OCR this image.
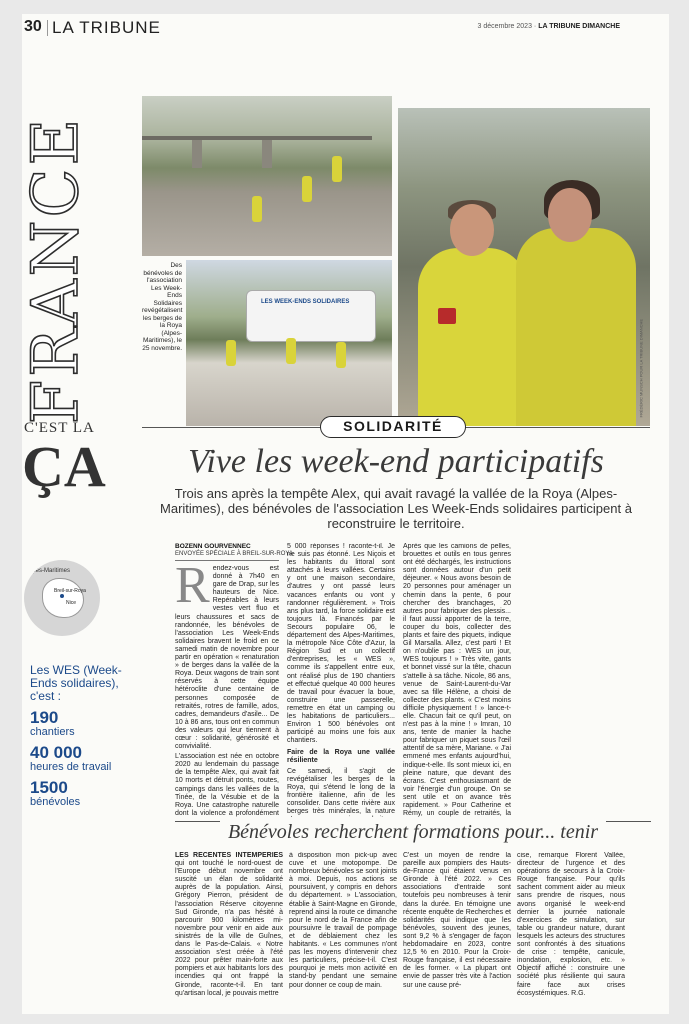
30 LA TRIBUNE	3 décembre 2023 · LA TRIBUNE DIMANCHE
FRANCE
C'EST LA
ÇA
Alpes-Maritimes
Breil-sur-Roya
Nice
Les WES (Week-Ends solidaires), c'est :
190
chantiers
40 000
heures de travail
1500
bénévoles
LES WEEK-ENDS SOLIDAIRES
FRÉDÉRIC MUNSCH POUR LA TRIBUNE DIMANCHE
Des bénévoles de l'association Les Week-Ends Solidaires revégétalisent les berges de la Roya (Alpes-Maritimes), le 25 novembre.
SOLIDARITÉ
Vive les week-end participatifs
Trois ans après la tempête Alex, qui avait ravagé la vallée de la Roya (Alpes-Maritimes), des bénévoles de l'association Les Week-Ends solidaires participent à reconstruire le territoire.
BOZENN GOURVENNEC
ENVOYÉE SPÉCIALE À BREIL-SUR-ROYA

Rendez-vous est donné à 7h40 en gare de Drap, sur les hauteurs de Nice. Repérables à leurs vestes vert fluo et leurs chaussures et sacs de randonnée, les bénévoles de l'association Les Week-Ends solidaires bravent le froid en ce samedi matin de novembre pour partir en opération « renaturation » de berges dans la vallée de la Roya. Deux wagons de train sont réservés à cette équipe hétéroclite d'une centaine de personnes composée de retraités, rotres de famille, ados, cadres, demandeurs d'asile... De 10 à 86 ans, tous ont en commun des valeurs qui leur tiennent à cœur : solidarité, générosité et convivialité.

L'association est née en octobre 2020 au lendemain du passage de la tempête Alex, qui avait fait 10 morts et détruit ponts, routes, campings dans les vallées de la Tinée, de la Vésubie et de la Roya. Une catastrophe naturelle dont la violence a profondément

5 000 réponses ! raconte-t-il. Je ne suis pas étonné. Les Niçois et les habitants du littoral sont attachés à leurs vallées. Certains y ont une maison secondaire, d'autres y ont passé leurs vacances enfants ou vont y randonner régulièrement. » Trois ans plus tard, la force solidaire est toujours là. Financés par le Secours populaire 06, le département des Alpes-Maritimes, la métropole Nice Côte d'Azur, la Région Sud et un collectif d'entreprises, les « WES », comme ils s'appellent entre eux, ont réalisé plus de 190 chantiers et effectué quelque 40 000 heures de travail pour évacuer la boue, construire une passerelle, remettre en état un camping ou les habitations de particuliers... Environ 1 500 bénévoles ont participé au moins une fois aux chantiers.

Faire de la Roya une vallée résiliente

Ce samedi, il s'agit de revégétaliser les berges de la Roya, qui s'étend le long de la frontière italienne, afin de les consolider. Dans cette rivière aux berges très minérales, la nature

Après que les camions de pelles, brouettes et outils en tous genres ont été déchargés, les instructions sont données autour d'un petit déjeuner. « Nous avons besoin de 20 personnes pour aménager un chemin dans la pente, 6 pour chercher des branchages, 20 autres pour fabriquer des plessis... il faut aussi apporter de la terre, couper du bois, collecter des plants et faire des piquets, indique Gil Marsalla. Allez, c'est parti ! Et on n'oublie pas : WES un jour, WES toujours ! » Très vite, gants et bonnet vissé sur la tête, chacun s'attelle à sa tâche. Nicole, 86 ans, venue de Saint-Laurent-du-Var avec sa fille Hélène, a choisi de collecter des plants. « C'est moins difficile physiquement ! » lance-t-elle. Chacun fait ce qu'il peut, on n'est pas à la mine ! » Imran, 10 ans, tente de manier la hache pour fabriquer un piquet sous l'œil attentif de sa mère, Mariane. « J'ai emmené mes enfants aujourd'hui, indique-t-elle. Ils sont mieux ici, en pleine nature, que devant des écrans. C'est enthousiasmant de voir l'énergie d'un groupe. On se sent utile et on avance très rapidement. » Pour Catherine et Rémy, un couple de retraités, la

Bénévoles recherchent formations pour... tenir

LES RÉCENTES INTEMPÉRIES qui ont touché le nord-ouest de l'Europe début novembre ont suscité un élan de solidarité auprès de la population. Ainsi, Grégory Pierron, président de l'association Réserve citoyenne Sud Gironde, n'a pas hésité à parcourir 900 kilomètres mi-novembre pour venir en aide aux sinistrés de la ville de Guînes, dans le Pas-de-Calais. « Notre association s'est créée à l'été 2022 pour prêter main-forte aux pompiers et aux habitants lors des incendies qui ont frappé la Gironde, raconte-t-il. En tant qu'artisan local, je pouvais mettre

à disposition mon pick-up avec cuve et une motopompe. De nombreux bénévoles se sont joints à moi. Depuis, nos actions se poursuivent, y compris en dehors du département. » L'association, établie à Saint-Magne en Gironde, reprend ainsi la route ce dimanche pour le nord de la France afin de poursuivre le travail de pompage et de déblaiement chez les habitants. « Les communes n'ont pas les moyens d'intervenir chez les particuliers, précise-t-il. C'est pourquoi je mets mon activité en stand-by pendant une semaine pour donner ce coup de main.

C'est un moyen de rendre la pareille aux pompiers des Hauts-de-France qui étaient venus en Gironde à l'été 2022. » Ces associations d'entraide sont toutefois peu nombreuses à tenir dans la durée. En témoigne une récente enquête de Recherches et solidarités qui indique que les bénévoles, souvent des jeunes, sont 9,2 % à s'engager de façon hebdomadaire en 2023, contre 12,5 % en 2010. Pour la Croix-Rouge française, il est nécessaire de les former. « La plupart ont envie de passer très vite à l'action sur une cause pré-

cise, remarque Florent Vallée, directeur de l'urgence et des opérations de secours à la Croix-Rouge française. Pour qu'ils sachent comment aider au mieux sans prendre de risques, nous avons organisé le week-end dernier la journée nationale d'exercices de simulation, sur table ou grandeur nature, durant lesquels les acteurs des structures sont confrontés à des situations de crise : tempête, canicule, inondation, explosion, etc. » Objectif affiché : construire une société plus résiliente qui saura faire face aux crises écosystémiques. R.G.
